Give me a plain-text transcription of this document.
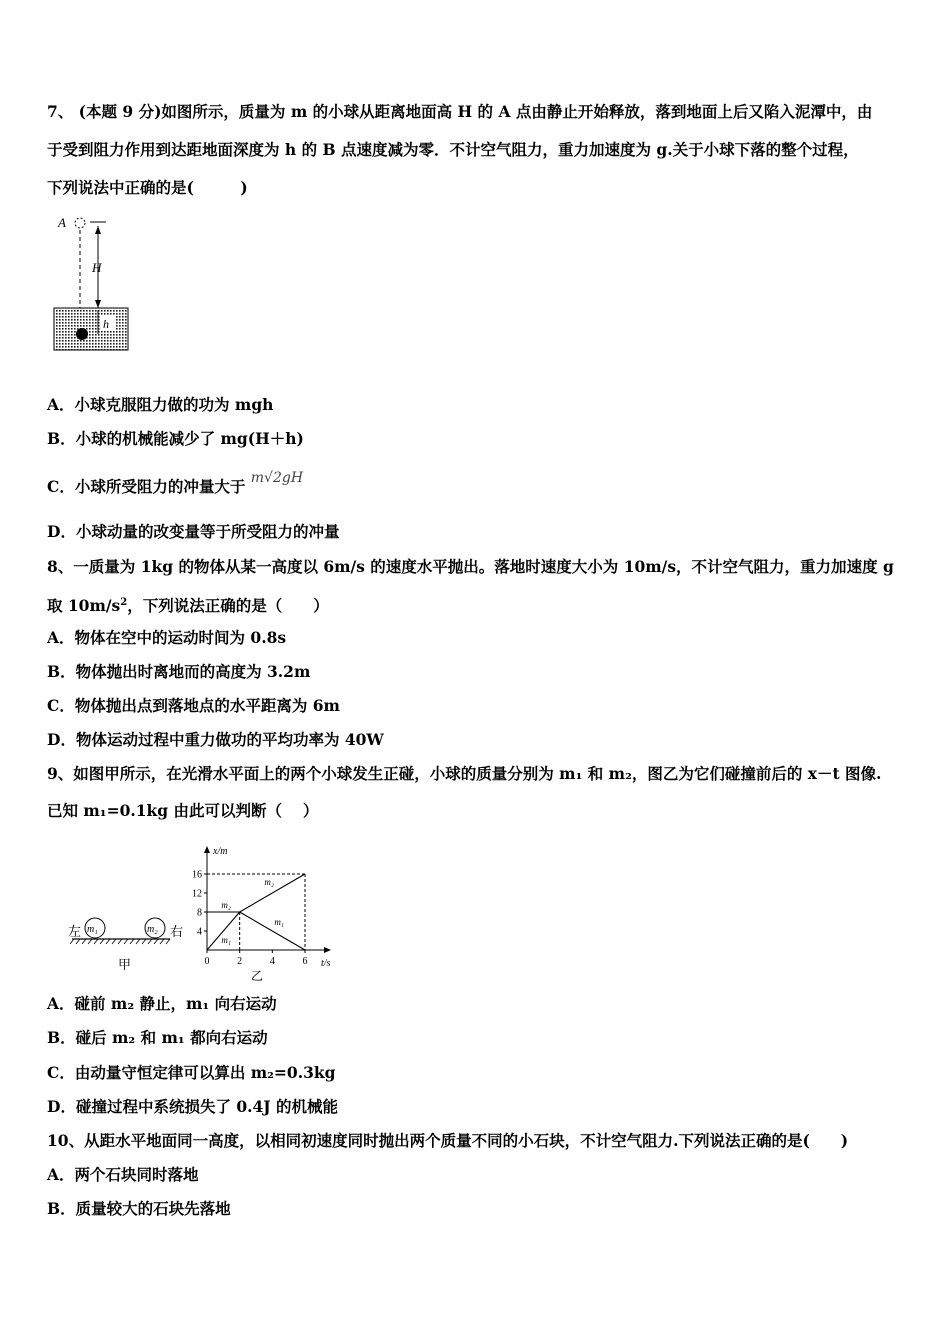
7、 (本题 9 分)如图所示，质量为 m 的小球从距离地面高 H 的 A 点由静止开始释放，落到地面上后又陷入泥潭中，由
于受到阻力作用到达距地面深度为 h 的 B 点速度减为零．不计空气阻力，重力加速度为 g.关于小球下落的整个过程，
下列说法中正确的是(　　　)
A
H
h
A．小球克服阻力做的功为 mgh
B．小球的机械能减少了 mg(H＋h)
C．小球所受阻力的冲量大于 m√2gH
D．小球动量的改变量等于所受阻力的冲量
8、一质量为 1kg 的物体从某一高度以 6m/s 的速度水平抛出。落地时速度大小为 10m/s，不计空气阻力，重力加速度 g
取 $10m/s^2$，下列说法正确的是（　　）
A．物体在空中的运动时间为 0.8s
B．物体抛出时离地而的高度为 3.2m
C．物体抛出点到落地点的水平距离为 6m
D．物体运动过程中重力做功的平均功率为 40W
9、如图甲所示，在光滑水平面上的两个小球发生正碰，小球的质量分别为 m₁ 和 m₂，图乙为它们碰撞前后的 x－t 图像.
已知 m₁=0.1kg 由此可以判断（　 ）
左 m₁	m₂ 右
甲
x/m
t/s
乙
4
8
12
16
0	2	4	6
m₁
m₂
m₂
m₁
A．碰前 m₂ 静止，m₁ 向右运动
B．碰后 m₂ 和 m₁ 都向右运动
C．由动量守恒定律可以算出 m₂=0.3kg
D．碰撞过程中系统损失了 0.4J 的机械能
10、从距水平地面同一高度，以相同初速度同时抛出两个质量不同的小石块，不计空气阻力.下列说法正确的是(　　)
A．两个石块同时落地
B．质量较大的石块先落地
